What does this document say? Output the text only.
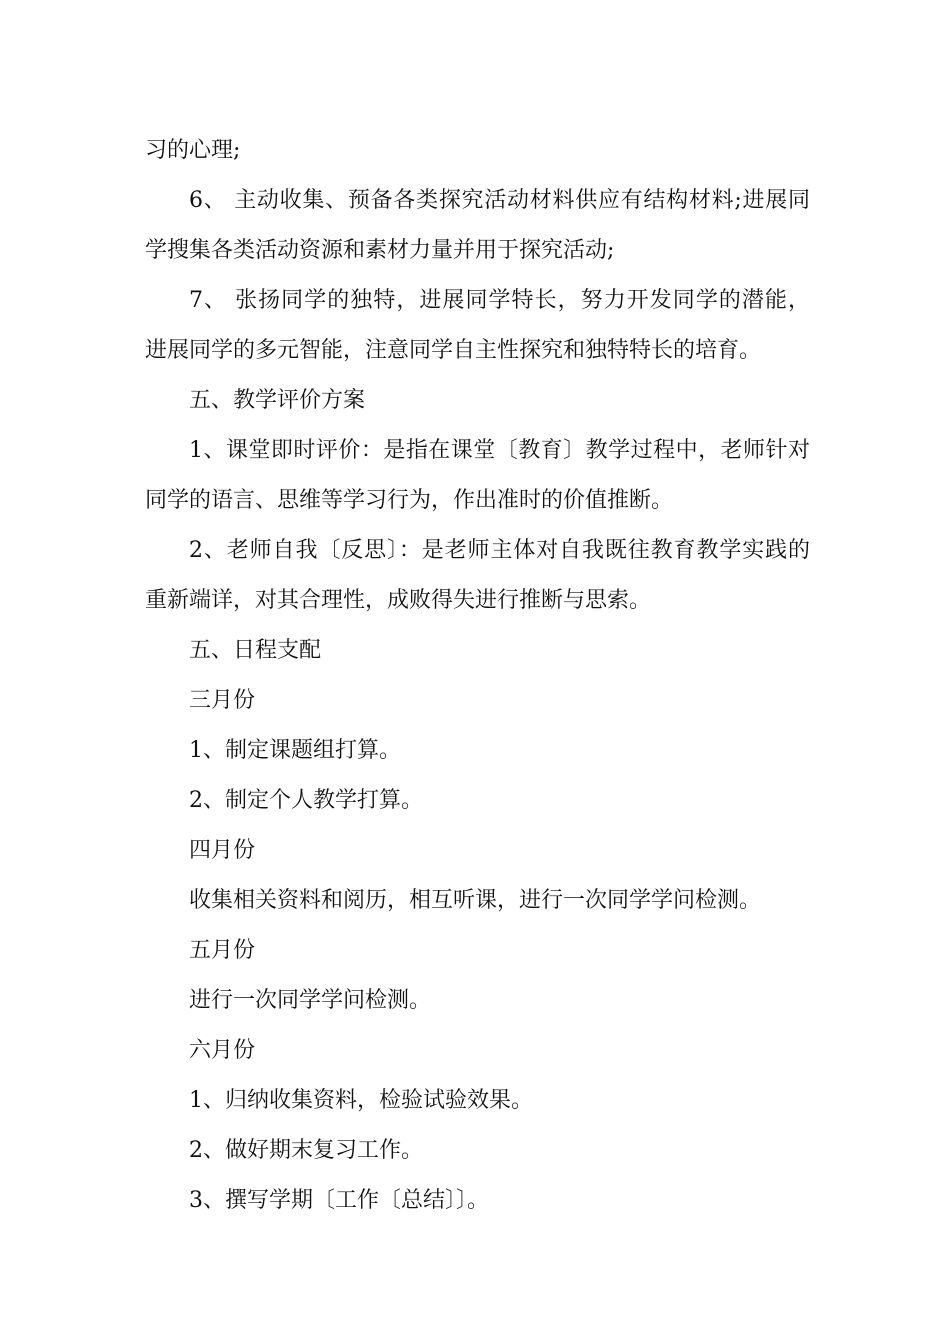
习的心理;
6、 主动收集、预备各类探究活动材料供应有结构材料;进展同
学搜集各类活动资源和素材力量并用于探究活动;
7、 张扬同学的独特，进展同学特长，努力开发同学的潜能，
进展同学的多元智能，注意同学自主性探究和独特特长的培育。
五、教学评价方案
1、课堂即时评价：是指在课堂〔教育〕教学过程中，老师针对
同学的语言、思维等学习行为，作出准时的价值推断。
2、老师自我〔反思〕：是老师主体对自我既往教育教学实践的
重新端详，对其合理性，成败得失进行推断与思索。
五、日程支配
三月份
1、制定课题组打算。
2、制定个人教学打算。
四月份
收集相关资料和阅历，相互听课，进行一次同学学问检测。
五月份
进行一次同学学问检测。
六月份
1、归纳收集资料，检验试验效果。
2、做好期末复习工作。
3、撰写学期〔工作〔总结〕〕。
